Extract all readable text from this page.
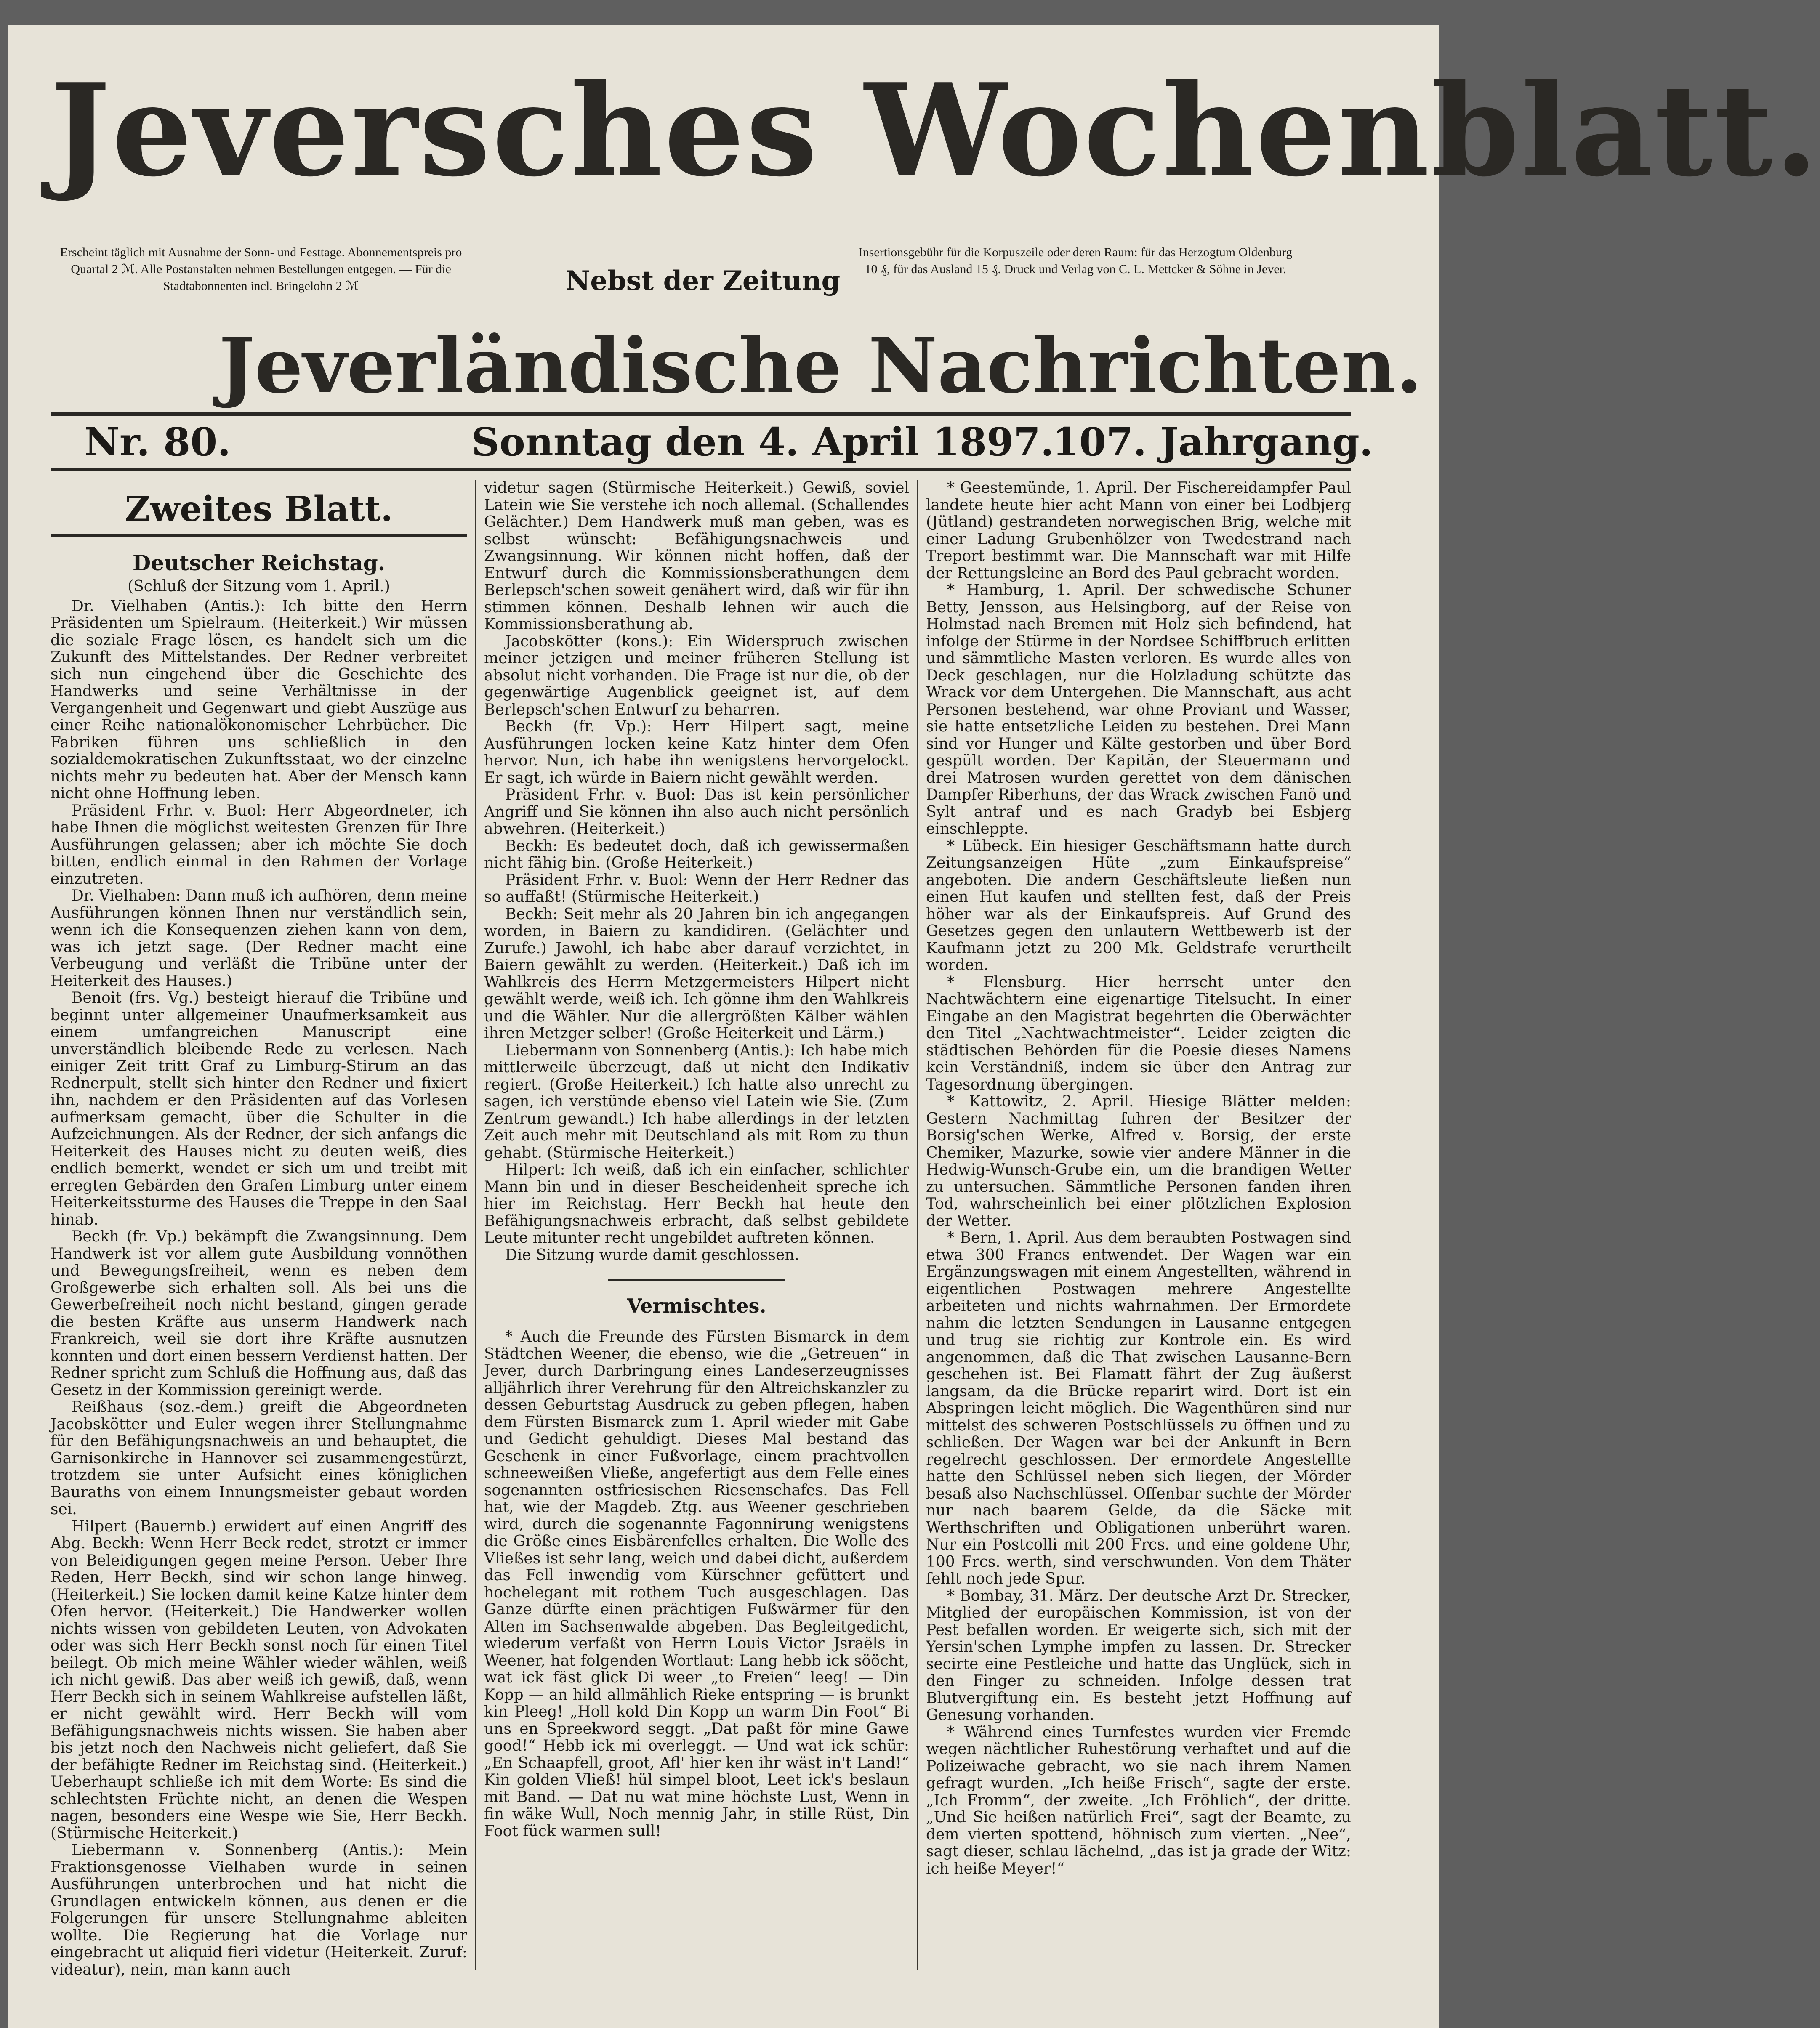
Jeversches Wochenblatt.
Erscheint täglich mit Ausnahme der Sonn- und Festtage. Abonnementspreis pro Quartal 2 ℳ. Alle Postanstalten nehmen Bestellungen entgegen. — Für die Stadtabonnenten incl. Bringelohn 2 ℳ	Nebst der Zeitung
Insertionsgebühr für die Korpuszeile oder deren Raum: für das Herzogtum Oldenburg 10 ₰, für das Ausland 15 ₰. Druck und Verlag von C. L. Mettcker & Söhne in Jever.
Jeverländische Nachrichten.
Nr. 80.	Sonntag den 4. April 1897.
107. Jahrgang.
Zweites Blatt.
Deutscher Reichstag.
(Schluß der Sitzung vom 1. April.)

Dr. Vielhaben (Antis.): Ich bitte den Herrn Präsidenten um Spielraum. (Heiterkeit.) Wir müssen die soziale Frage lösen, es handelt sich um die Zukunft des Mittelstandes. Der Redner verbreitet sich nun eingehend über die Geschichte des Handwerks und seine Verhältnisse in der Vergangenheit und Gegenwart und giebt Auszüge aus einer Reihe nationalökonomischer Lehrbücher. Die Fabriken führen uns schließlich in den sozialdemokratischen Zukunftsstaat, wo der einzelne nichts mehr zu bedeuten hat. Aber der Mensch kann nicht ohne Hoffnung leben.

Präsident Frhr. v. Buol: Herr Abgeordneter, ich habe Ihnen die möglichst weitesten Grenzen für Ihre Ausführungen gelassen; aber ich möchte Sie doch bitten, endlich einmal in den Rahmen der Vorlage einzutreten.

Dr. Vielhaben: Dann muß ich aufhören, denn meine Ausführungen können Ihnen nur verständlich sein, wenn ich die Konsequenzen ziehen kann von dem, was ich jetzt sage. (Der Redner macht eine Verbeugung und verläßt die Tribüne unter der Heiterkeit des Hauses.)

Benoit (frs. Vg.) besteigt hierauf die Tribüne und beginnt unter allgemeiner Unaufmerksamkeit aus einem umfangreichen Manuscript eine unverständlich bleibende Rede zu verlesen. Nach einiger Zeit tritt Graf zu Limburg-Stirum an das Rednerpult, stellt sich hinter den Redner und fixiert ihn, nachdem er den Präsidenten auf das Vorlesen aufmerksam gemacht, über die Schulter in die Aufzeichnungen. Als der Redner, der sich anfangs die Heiterkeit des Hauses nicht zu deuten weiß, dies endlich bemerkt, wendet er sich um und treibt mit erregten Gebärden den Grafen Limburg unter einem Heiterkeitssturme des Hauses die Treppe in den Saal hinab.

Beckh (fr. Vp.) bekämpft die Zwangsinnung. Dem Handwerk ist vor allem gute Ausbildung vonnöthen und Bewegungsfreiheit, wenn es neben dem Großgewerbe sich erhalten soll. Als bei uns die Gewerbefreiheit noch nicht bestand, gingen gerade die besten Kräfte aus unserm Handwerk nach Frankreich, weil sie dort ihre Kräfte ausnutzen konnten und dort einen bessern Verdienst hatten. Der Redner spricht zum Schluß die Hoffnung aus, daß das Gesetz in der Kommission gereinigt werde.

Reißhaus (soz.-dem.) greift die Abgeordneten Jacobskötter und Euler wegen ihrer Stellungnahme für den Befähigungsnachweis an und behauptet, die Garnisonkirche in Hannover sei zusammengestürzt, trotzdem sie unter Aufsicht eines königlichen Bauraths von einem Innungsmeister gebaut worden sei.

Hilpert (Bauernb.) erwidert auf einen Angriff des Abg. Beckh: Wenn Herr Beck redet, strotzt er immer von Beleidigungen gegen meine Person. Ueber Ihre Reden, Herr Beckh, sind wir schon lange hinweg. (Heiterkeit.) Sie locken damit keine Katze hinter dem Ofen hervor. (Heiterkeit.) Die Handwerker wollen nichts wissen von gebildeten Leuten, von Advokaten oder was sich Herr Beckh sonst noch für einen Titel beilegt. Ob mich meine Wähler wieder wählen, weiß ich nicht gewiß. Das aber weiß ich gewiß, daß, wenn Herr Beckh sich in seinem Wahlkreise aufstellen läßt, er nicht gewählt wird. Herr Beckh will vom Befähigungsnachweis nichts wissen. Sie haben aber bis jetzt noch den Nachweis nicht geliefert, daß Sie der befähigte Redner im Reichstag sind. (Heiterkeit.) Ueberhaupt schließe ich mit dem Worte: Es sind die schlechtsten Früchte nicht, an denen die Wespen nagen, besonders eine Wespe wie Sie, Herr Beckh. (Stürmische Heiterkeit.)

Liebermann v. Sonnenberg (Antis.): Mein Fraktionsgenosse Vielhaben wurde in seinen Ausführungen unterbrochen und hat nicht die Grundlagen entwickeln können, aus denen er die Folgerungen für unsere Stellungnahme ableiten wollte. Die Regierung hat die Vorlage nur eingebracht ut aliquid fieri videtur (Heiterkeit. Zuruf: videatur), nein, man kann auch

videtur sagen (Stürmische Heiterkeit.) Gewiß, soviel Latein wie Sie verstehe ich noch allemal. (Schallendes Gelächter.) Dem Handwerk muß man geben, was es selbst wünscht: Befähigungsnachweis und Zwangsinnung. Wir können nicht hoffen, daß der Entwurf durch die Kommissionsberathungen dem Berlepsch'schen soweit genähert wird, daß wir für ihn stimmen können. Deshalb lehnen wir auch die Kommissionsberathung ab.

Jacobskötter (kons.): Ein Widerspruch zwischen meiner jetzigen und meiner früheren Stellung ist absolut nicht vorhanden. Die Frage ist nur die, ob der gegenwärtige Augenblick geeignet ist, auf dem Berlepsch'schen Entwurf zu beharren.

Beckh (fr. Vp.): Herr Hilpert sagt, meine Ausführungen locken keine Katz hinter dem Ofen hervor. Nun, ich habe ihn wenigstens hervorgelockt. Er sagt, ich würde in Baiern nicht gewählt werden.

Präsident Frhr. v. Buol: Das ist kein persönlicher Angriff und Sie können ihn also auch nicht persönlich abwehren. (Heiterkeit.)

Beckh: Es bedeutet doch, daß ich gewissermaßen nicht fähig bin. (Große Heiterkeit.)

Präsident Frhr. v. Buol: Wenn der Herr Redner das so auffaßt! (Stürmische Heiterkeit.)

Beckh: Seit mehr als 20 Jahren bin ich angegangen worden, in Baiern zu kandidiren. (Gelächter und Zurufe.) Jawohl, ich habe aber darauf verzichtet, in Baiern gewählt zu werden. (Heiterkeit.) Daß ich im Wahlkreis des Herrn Metzgermeisters Hilpert nicht gewählt werde, weiß ich. Ich gönne ihm den Wahlkreis und die Wähler. Nur die allergrößten Kälber wählen ihren Metzger selber! (Große Heiterkeit und Lärm.)

Liebermann von Sonnenberg (Antis.): Ich habe mich mittlerweile überzeugt, daß ut nicht den Indikativ regiert. (Große Heiterkeit.) Ich hatte also unrecht zu sagen, ich verstünde ebenso viel Latein wie Sie. (Zum Zentrum gewandt.) Ich habe allerdings in der letzten Zeit auch mehr mit Deutschland als mit Rom zu thun gehabt. (Stürmische Heiterkeit.)

Hilpert: Ich weiß, daß ich ein einfacher, schlichter Mann bin und in dieser Bescheidenheit spreche ich hier im Reichstag. Herr Beckh hat heute den Befähigungsnachweis erbracht, daß selbst gebildete Leute mitunter recht ungebildet auftreten können.

Die Sitzung wurde damit geschlossen.

Vermischtes.

* Auch die Freunde des Fürsten Bismarck in dem Städtchen Weener, die ebenso, wie die „Getreuen“ in Jever, durch Darbringung eines Landeserzeugnisses alljährlich ihrer Verehrung für den Altreichskanzler zu dessen Geburtstag Ausdruck zu geben pflegen, haben dem Fürsten Bismarck zum 1. April wieder mit Gabe und Gedicht gehuldigt. Dieses Mal bestand das Geschenk in einer Fußvorlage, einem prachtvollen schneeweißen Vließe, angefertigt aus dem Felle eines sogenannten ostfriesischen Riesenschafes. Das Fell hat, wie der Magdeb. Ztg. aus Weener geschrieben wird, durch die sogenannte Fagonnirung wenigstens die Größe eines Eisbärenfelles erhalten. Die Wolle des Vließes ist sehr lang, weich und dabei dicht, außerdem das Fell inwendig vom Kürschner gefüttert und hochelegant mit rothem Tuch ausgeschlagen. Das Ganze dürfte einen prächtigen Fußwärmer für den Alten im Sachsenwalde abgeben. Das Begleitgedicht, wiederum verfaßt von Herrn Louis Victor Jsraëls in Weener, hat folgenden Wortlaut: Lang hebb ick sööcht, wat ick fäst glick Di weer „to Freien“ leeg! — Din Kopp — an hild allmählich Rieke entspring — is brunkt kin Pleeg! „Holl kold Din Kopp un warm Din Foot“ Bi uns en Spreekword seggt. „Dat paßt för mine Gawe good!“ Hebb ick mi overleggt. — Und wat ick schür: „En Schaapfell, groot, Afl' hier ken ihr wäst in't Land!“ Kin golden Vließ! hül simpel bloot, Leet ick's beslaun mit Band. — Dat nu wat mine höchste Lust, Wenn in fin wäke Wull, Noch mennig Jahr, in stille Rüst, Din Foot fück warmen sull!

* Geestemünde, 1. April. Der Fischereidampfer Paul landete heute hier acht Mann von einer bei Lodbjerg (Jütland) gestrandeten norwegischen Brig, welche mit einer Ladung Grubenhölzer von Twedestrand nach Treport bestimmt war. Die Mannschaft war mit Hilfe der Rettungsleine an Bord des Paul gebracht worden.

* Hamburg, 1. April. Der schwedische Schuner Betty, Jensson, aus Helsingborg, auf der Reise von Holmstad nach Bremen mit Holz sich befindend, hat infolge der Stürme in der Nordsee Schiffbruch erlitten und sämmtliche Masten verloren. Es wurde alles von Deck geschlagen, nur die Holzladung schützte das Wrack vor dem Untergehen. Die Mannschaft, aus acht Personen bestehend, war ohne Proviant und Wasser, sie hatte entsetzliche Leiden zu bestehen. Drei Mann sind vor Hunger und Kälte gestorben und über Bord gespült worden. Der Kapitän, der Steuermann und drei Matrosen wurden gerettet von dem dänischen Dampfer Riberhuns, der das Wrack zwischen Fanö und Sylt antraf und es nach Gradyb bei Esbjerg einschleppte.

* Lübeck. Ein hiesiger Geschäftsmann hatte durch Zeitungsanzeigen Hüte „zum Einkaufspreise“ angeboten. Die andern Geschäftsleute ließen nun einen Hut kaufen und stellten fest, daß der Preis höher war als der Einkaufspreis. Auf Grund des Gesetzes gegen den unlautern Wettbewerb ist der Kaufmann jetzt zu 200 Mk. Geldstrafe verurtheilt worden.

* Flensburg. Hier herrscht unter den Nachtwächtern eine eigenartige Titelsucht. In einer Eingabe an den Magistrat begehrten die Oberwächter den Titel „Nachtwachtmeister“. Leider zeigten die städtischen Behörden für die Poesie dieses Namens kein Verständniß, indem sie über den Antrag zur Tagesordnung übergingen.

* Kattowitz, 2. April. Hiesige Blätter melden: Gestern Nachmittag fuhren der Besitzer der Borsig'schen Werke, Alfred v. Borsig, der erste Chemiker, Mazurke, sowie vier andere Männer in die Hedwig-Wunsch-Grube ein, um die brandigen Wetter zu untersuchen. Sämmtliche Personen fanden ihren Tod, wahrscheinlich bei einer plötzlichen Explosion der Wetter.

* Bern, 1. April. Aus dem beraubten Postwagen sind etwa 300 Francs entwendet. Der Wagen war ein Ergänzungswagen mit einem Angestellten, während in eigentlichen Postwagen mehrere Angestellte arbeiteten und nichts wahrnahmen. Der Ermordete nahm die letzten Sendungen in Lausanne entgegen und trug sie richtig zur Kontrole ein. Es wird angenommen, daß die That zwischen Lausanne-Bern geschehen ist. Bei Flamatt fährt der Zug äußerst langsam, da die Brücke reparirt wird. Dort ist ein Abspringen leicht möglich. Die Wagenthüren sind nur mittelst des schweren Postschlüssels zu öffnen und zu schließen. Der Wagen war bei der Ankunft in Bern regelrecht geschlossen. Der ermordete Angestellte hatte den Schlüssel neben sich liegen, der Mörder besaß also Nachschlüssel. Offenbar suchte der Mörder nur nach baarem Gelde, da die Säcke mit Werthschriften und Obligationen unberührt waren. Nur ein Postcolli mit 200 Frcs. und eine goldene Uhr, 100 Frcs. werth, sind verschwunden. Von dem Thäter fehlt noch jede Spur.

* Bombay, 31. März. Der deutsche Arzt Dr. Strecker, Mitglied der europäischen Kommission, ist von der Pest befallen worden. Er weigerte sich, sich mit der Yersin'schen Lymphe impfen zu lassen. Dr. Strecker secirte eine Pestleiche und hatte das Unglück, sich in den Finger zu schneiden. Infolge dessen trat Blutvergiftung ein. Es besteht jetzt Hoffnung auf Genesung vorhanden.

* Während eines Turnfestes wurden vier Fremde wegen nächtlicher Ruhestörung verhaftet und auf die Polizeiwache gebracht, wo sie nach ihrem Namen gefragt wurden. „Ich heiße Frisch“, sagte der erste. „Ich Fromm“, der zweite. „Ich Fröhlich“, der dritte. „Und Sie heißen natürlich Frei“, sagt der Beamte, zu dem vierten spottend, höhnisch zum vierten. „Nee“, sagt dieser, schlau lächelnd, „das ist ja grade der Witz: ich heiße Meyer!“
